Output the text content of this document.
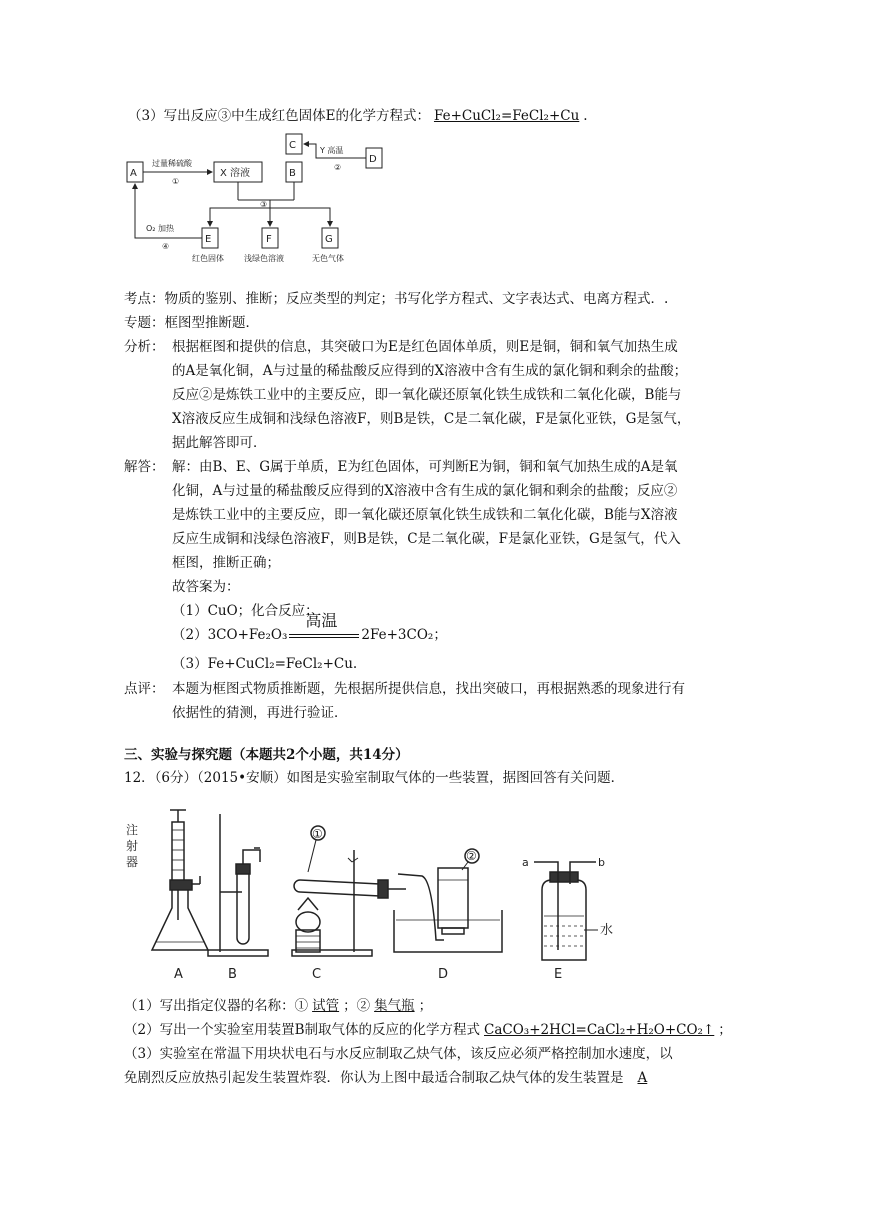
（3）写出反应③中生成红色固体E的化学方程式： Fe+CuCl₂=FeCl₂+Cu .
A	X 溶液
C
B
D
E	F	G
过量稀硫酸
①
Y 高温
②
③
O₂ 加热
④
红色固体	浅绿色溶液	无色气体
考点：物质的鉴别、推断；反应类型的判定；书写化学方程式、文字表达式、电离方程式．.
专题：框图型推断题．
分析： 根据框图和提供的信息，其突破口为E是红色固体单质，则E是铜，铜和氧气加热生成
的A是氧化铜，A与过量的稀盐酸反应得到的X溶液中含有生成的氯化铜和剩余的盐酸；
反应②是炼铁工业中的主要反应，即一氧化碳还原氧化铁生成铁和二氧化化碳，B能与
X溶液反应生成铜和浅绿色溶液F，则B是铁，C是二氧化碳，F是氯化亚铁，G是氢气，
据此解答即可．
解答： 解：由B、E、G属于单质，E为红色固体，可判断E为铜，铜和氧气加热生成的A是氧
化铜，A与过量的稀盐酸反应得到的X溶液中含有生成的氯化铜和剩余的盐酸；反应②
是炼铁工业中的主要反应，即一氧化碳还原氧化铁生成铁和二氧化化碳，B能与X溶液
反应生成铜和浅绿色溶液F，则B是铁，C是二氧化碳，F是氯化亚铁，G是氢气，代入
框图，推断正确；
故答案为：
（1）CuO；化合反应；
（2）3CO+Fe₂O₃
高温
2Fe+3CO₂；
（3）Fe+CuCl₂=FeCl₂+Cu.
点评： 本题为框图式物质推断题，先根据所提供信息，找出突破口，再根据熟悉的现象进行有
依据性的猜测，再进行验证．
三、实验与探究题（本题共2个小题，共14分）
12．（6分）（2015•安顺）如图是实验室制取气体的一些装置，据图回答有关问题．
注
射
器
A	B	C	D	E
①
②	a	b
水
（1）写出指定仪器的名称：① 试管 ；② 集气瓶 ；
（2）写出一个实验室用装置B制取气体的反应的化学方程式 CaCO₃+2HCl=CaCl₂+H₂O+CO₂↑ ；
（3）实验室在常温下用块状电石与水反应制取乙炔气体，该反应必须严格控制加水速度，以
免剧烈反应放热引起发生装置炸裂．你认为上图中最适合制取乙炔气体的发生装置是 A
